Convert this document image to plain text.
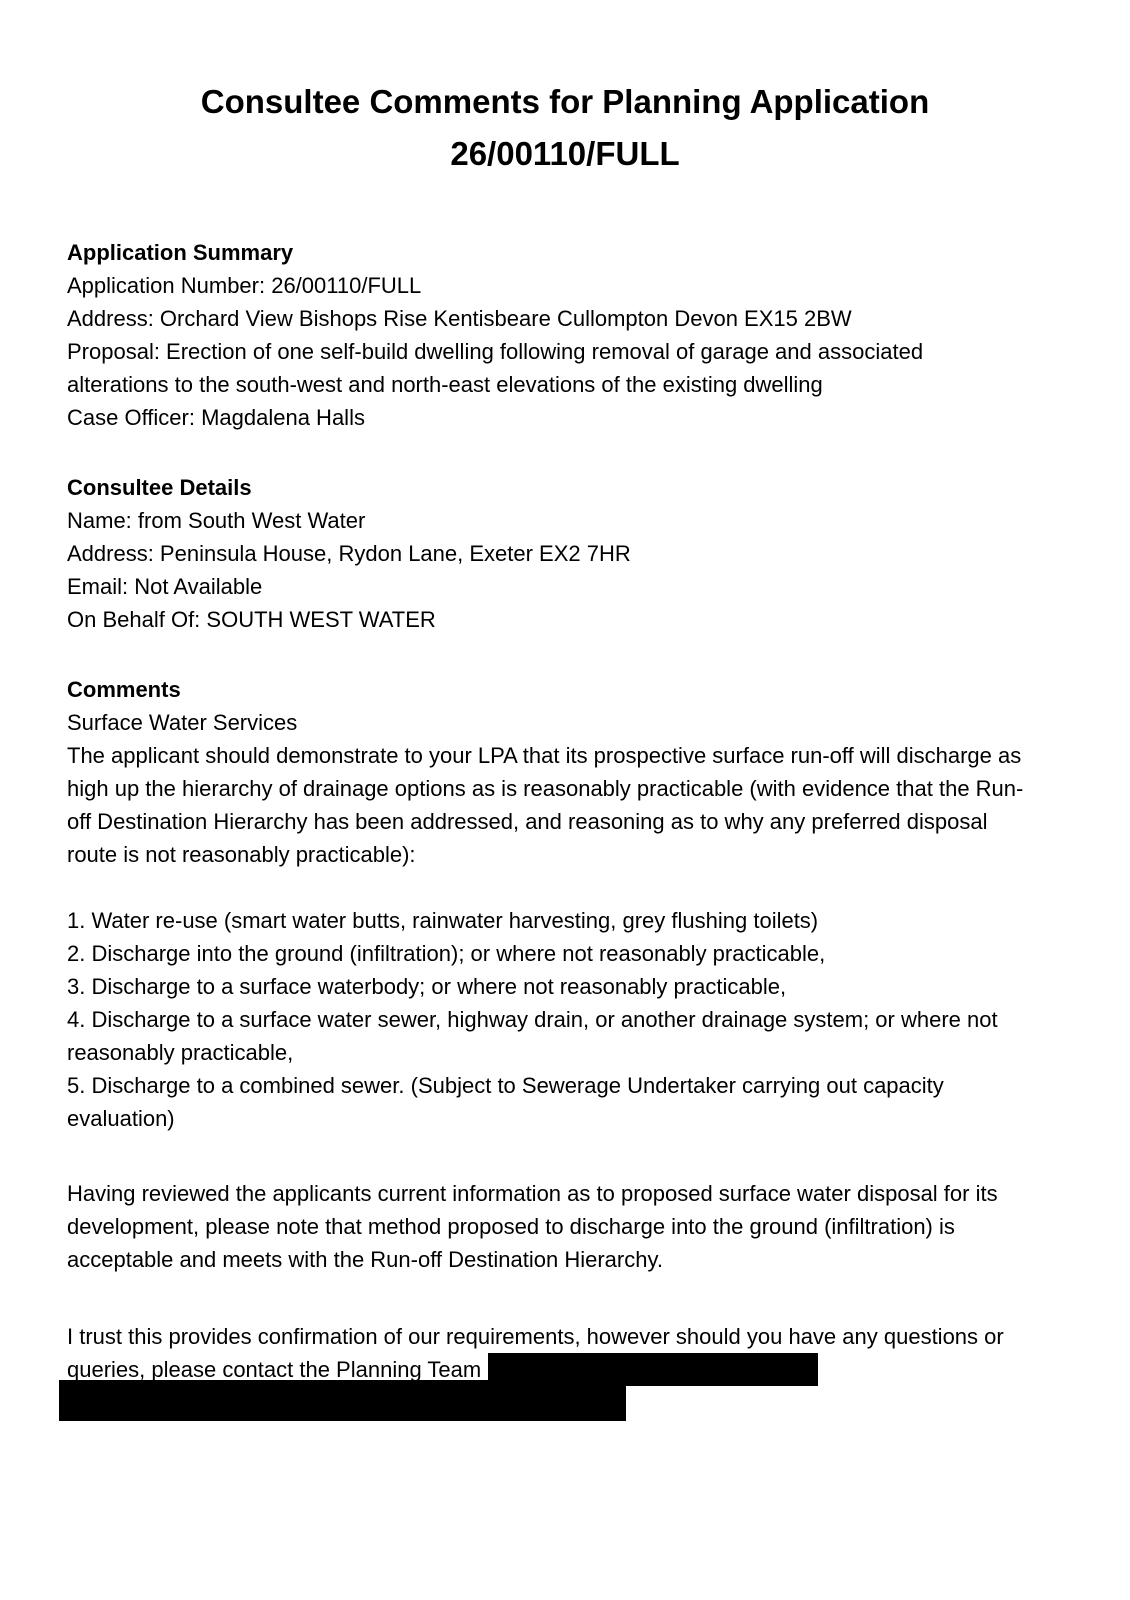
Consultee Comments for Planning Application
26/00110/FULL
Application Summary

Application Number: 26/00110/FULL

Address: Orchard View Bishops Rise Kentisbeare Cullompton Devon EX15 2BW

Proposal: Erection of one self-build dwelling following removal of garage and associated

alterations to the south-west and north-east elevations of the existing dwelling

Case Officer: Magdalena Halls

Consultee Details

Name: from South West Water

Address: Peninsula House, Rydon Lane, Exeter EX2 7HR

Email: Not Available

On Behalf Of: SOUTH WEST WATER

Comments

Surface Water Services

The applicant should demonstrate to your LPA that its prospective surface run-off will discharge as

high up the hierarchy of drainage options as is reasonably practicable (with evidence that the Run-

off Destination Hierarchy has been addressed, and reasoning as to why any preferred disposal

route is not reasonably practicable):

1. Water re-use (smart water butts, rainwater harvesting, grey flushing toilets)

2. Discharge into the ground (infiltration); or where not reasonably practicable,

3. Discharge to a surface waterbody; or where not reasonably practicable,

4. Discharge to a surface water sewer, highway drain, or another drainage system; or where not

reasonably practicable,

5. Discharge to a combined sewer. (Subject to Sewerage Undertaker carrying out capacity

evaluation)

Having reviewed the applicants current information as to proposed surface water disposal for its

development, please note that method proposed to discharge into the ground (infiltration) is

acceptable and meets with the Run-off Destination Hierarchy.

I trust this provides confirmation of our requirements, however should you have any questions or

queries, please contact the Planning Team
